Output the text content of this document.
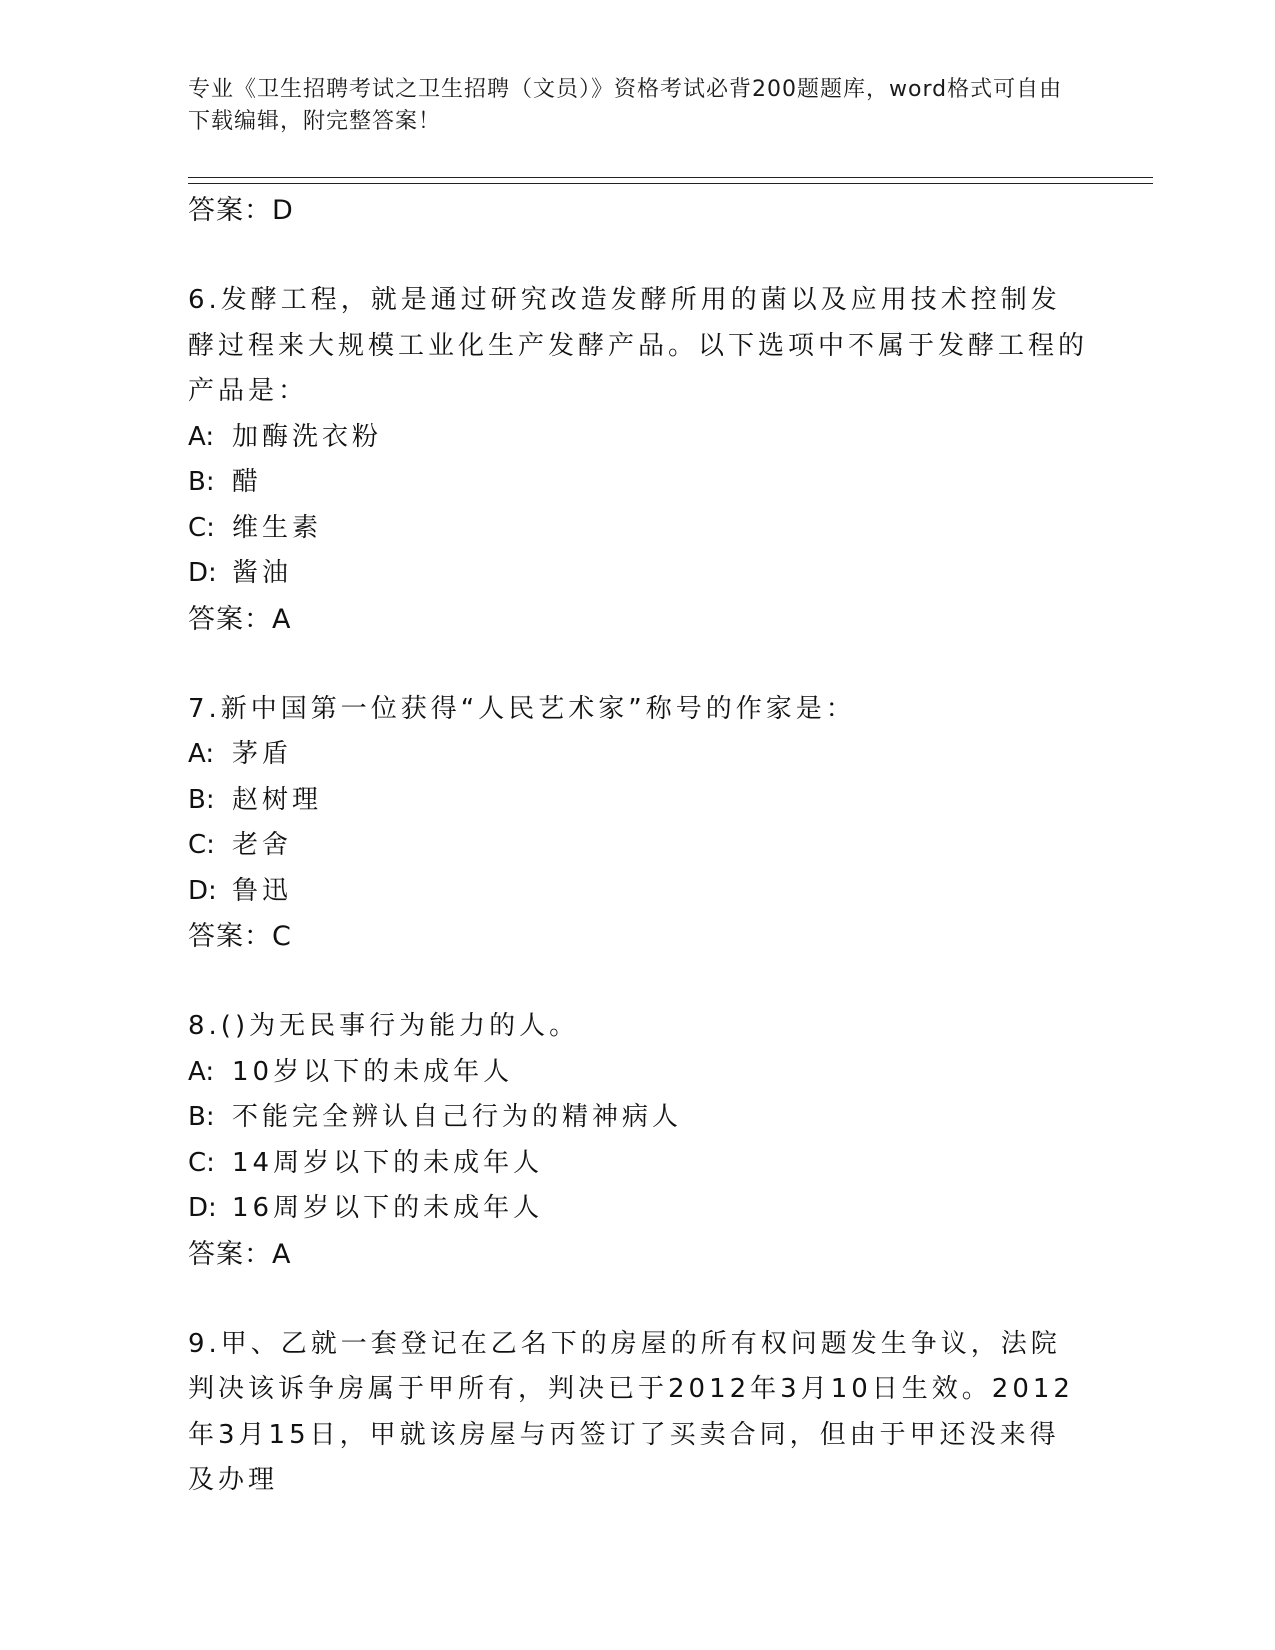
专业《卫生招聘考试之卫生招聘（文员）》资格考试必背200题题库，word格式可自由下载编辑，附完整答案！
答案：D
6.发酵工程，就是通过研究改造发酵所用的菌以及应用技术控制发酵过程来大规模工业化生产发酵产品。以下选项中不属于发酵工程的产品是：
A: 加酶洗衣粉
B: 醋
C: 维生素
D: 酱油
答案：A
7.新中国第一位获得“人民艺术家”称号的作家是：
A: 茅盾
B: 赵树理
C: 老舍
D: 鲁迅
答案：C
8.()为无民事行为能力的人。
A: 10岁以下的未成年人
B: 不能完全辨认自己行为的精神病人
C: 14周岁以下的未成年人
D: 16周岁以下的未成年人
答案：A
9.甲、乙就一套登记在乙名下的房屋的所有权问题发生争议，法院判决该诉争房属于甲所有，判决已于2012年3月10日生效。2012年3月15日，甲就该房屋与丙签订了买卖合同，但由于甲还没来得及办理
